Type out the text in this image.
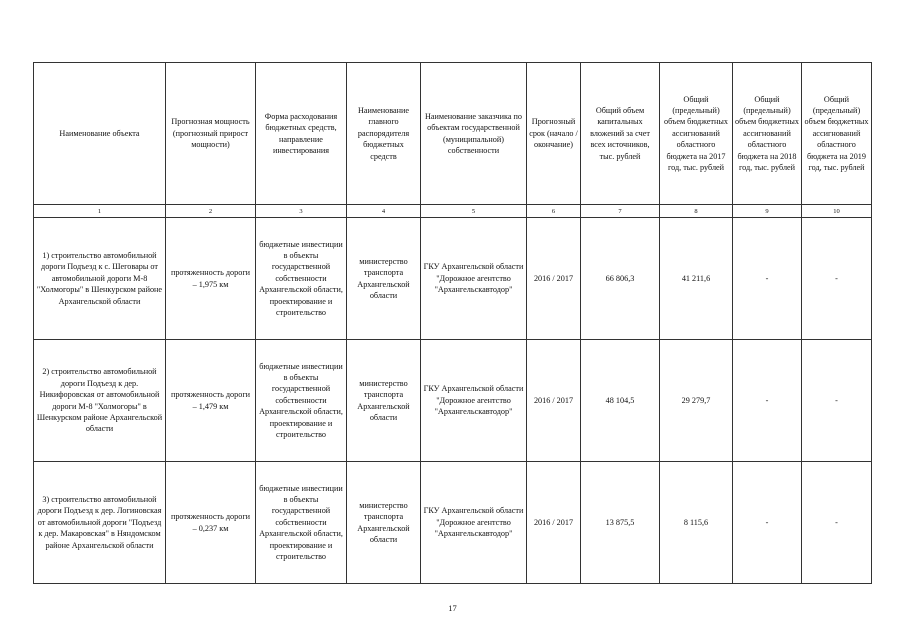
Наименование объекта	Прогнозная мощность (прогнозный прирост мощности)	Форма расходования бюджетных средств, направление инвестирования	Наименование главного распорядителя бюджетных средств	Наименование заказчика по объектам государственной (муниципальной) собственности	Прогнозный срок (начало / окончание)	Общий объем капитальных вложений за счет всех источников, тыс. рублей	Общий (предельный) объем бюджетных ассигнований областного бюджета на 2017 год, тыс. рублей	Общий (предельный) объем бюджетных ассигнований областного бюджета на 2018 год, тыс. рублей	Общий (предельный) объем бюджетных ассигнований областного бюджета на 2019 год, тыс. рублей
1	2	3	4	5	6	7	8	9	10
1) строительство автомобильной дороги Подъезд к с. Шеговары от автомобильной дороги М-8 "Холмогоры" в Шенкурском районе Архангельской области	протяженность дороги – 1,975 км	бюджетные инвестиции в объекты государственной собственности Архангельской области, проектирование и строительство	министерство транспорта Архангельской области	ГКУ Архангельской области "Дорожное агентство "Архангельскавтодор"	2016 / 2017	66 806,3	41 211,6	-	-
2) строительство автомобильной дороги Подъезд к дер. Никифоровская от автомобильной дороги М-8 "Холмогоры" в Шенкурском районе Архангельской области	протяженность дороги – 1,479 км	бюджетные инвестиции в объекты государственной собственности Архангельской области, проектирование и строительство	министерство транспорта Архангельской области	ГКУ Архангельской области "Дорожное агентство "Архангельскавтодор"	2016 / 2017	48 104,5	29 279,7	-	-
3) строительство автомобильной дороги Подъезд к дер. Логиновская от автомобильной дороги "Подъезд к дер. Макаровская" в Няндомском районе Архангельской области	протяженность дороги – 0,237 км	бюджетные инвестиции в объекты государственной собственности Архангельской области, проектирование и строительство	министерство транспорта Архангельской области	ГКУ Архангельской области "Дорожное агентство "Архангельскавтодор"	2016 / 2017	13 875,5	8 115,6	-	-
17
